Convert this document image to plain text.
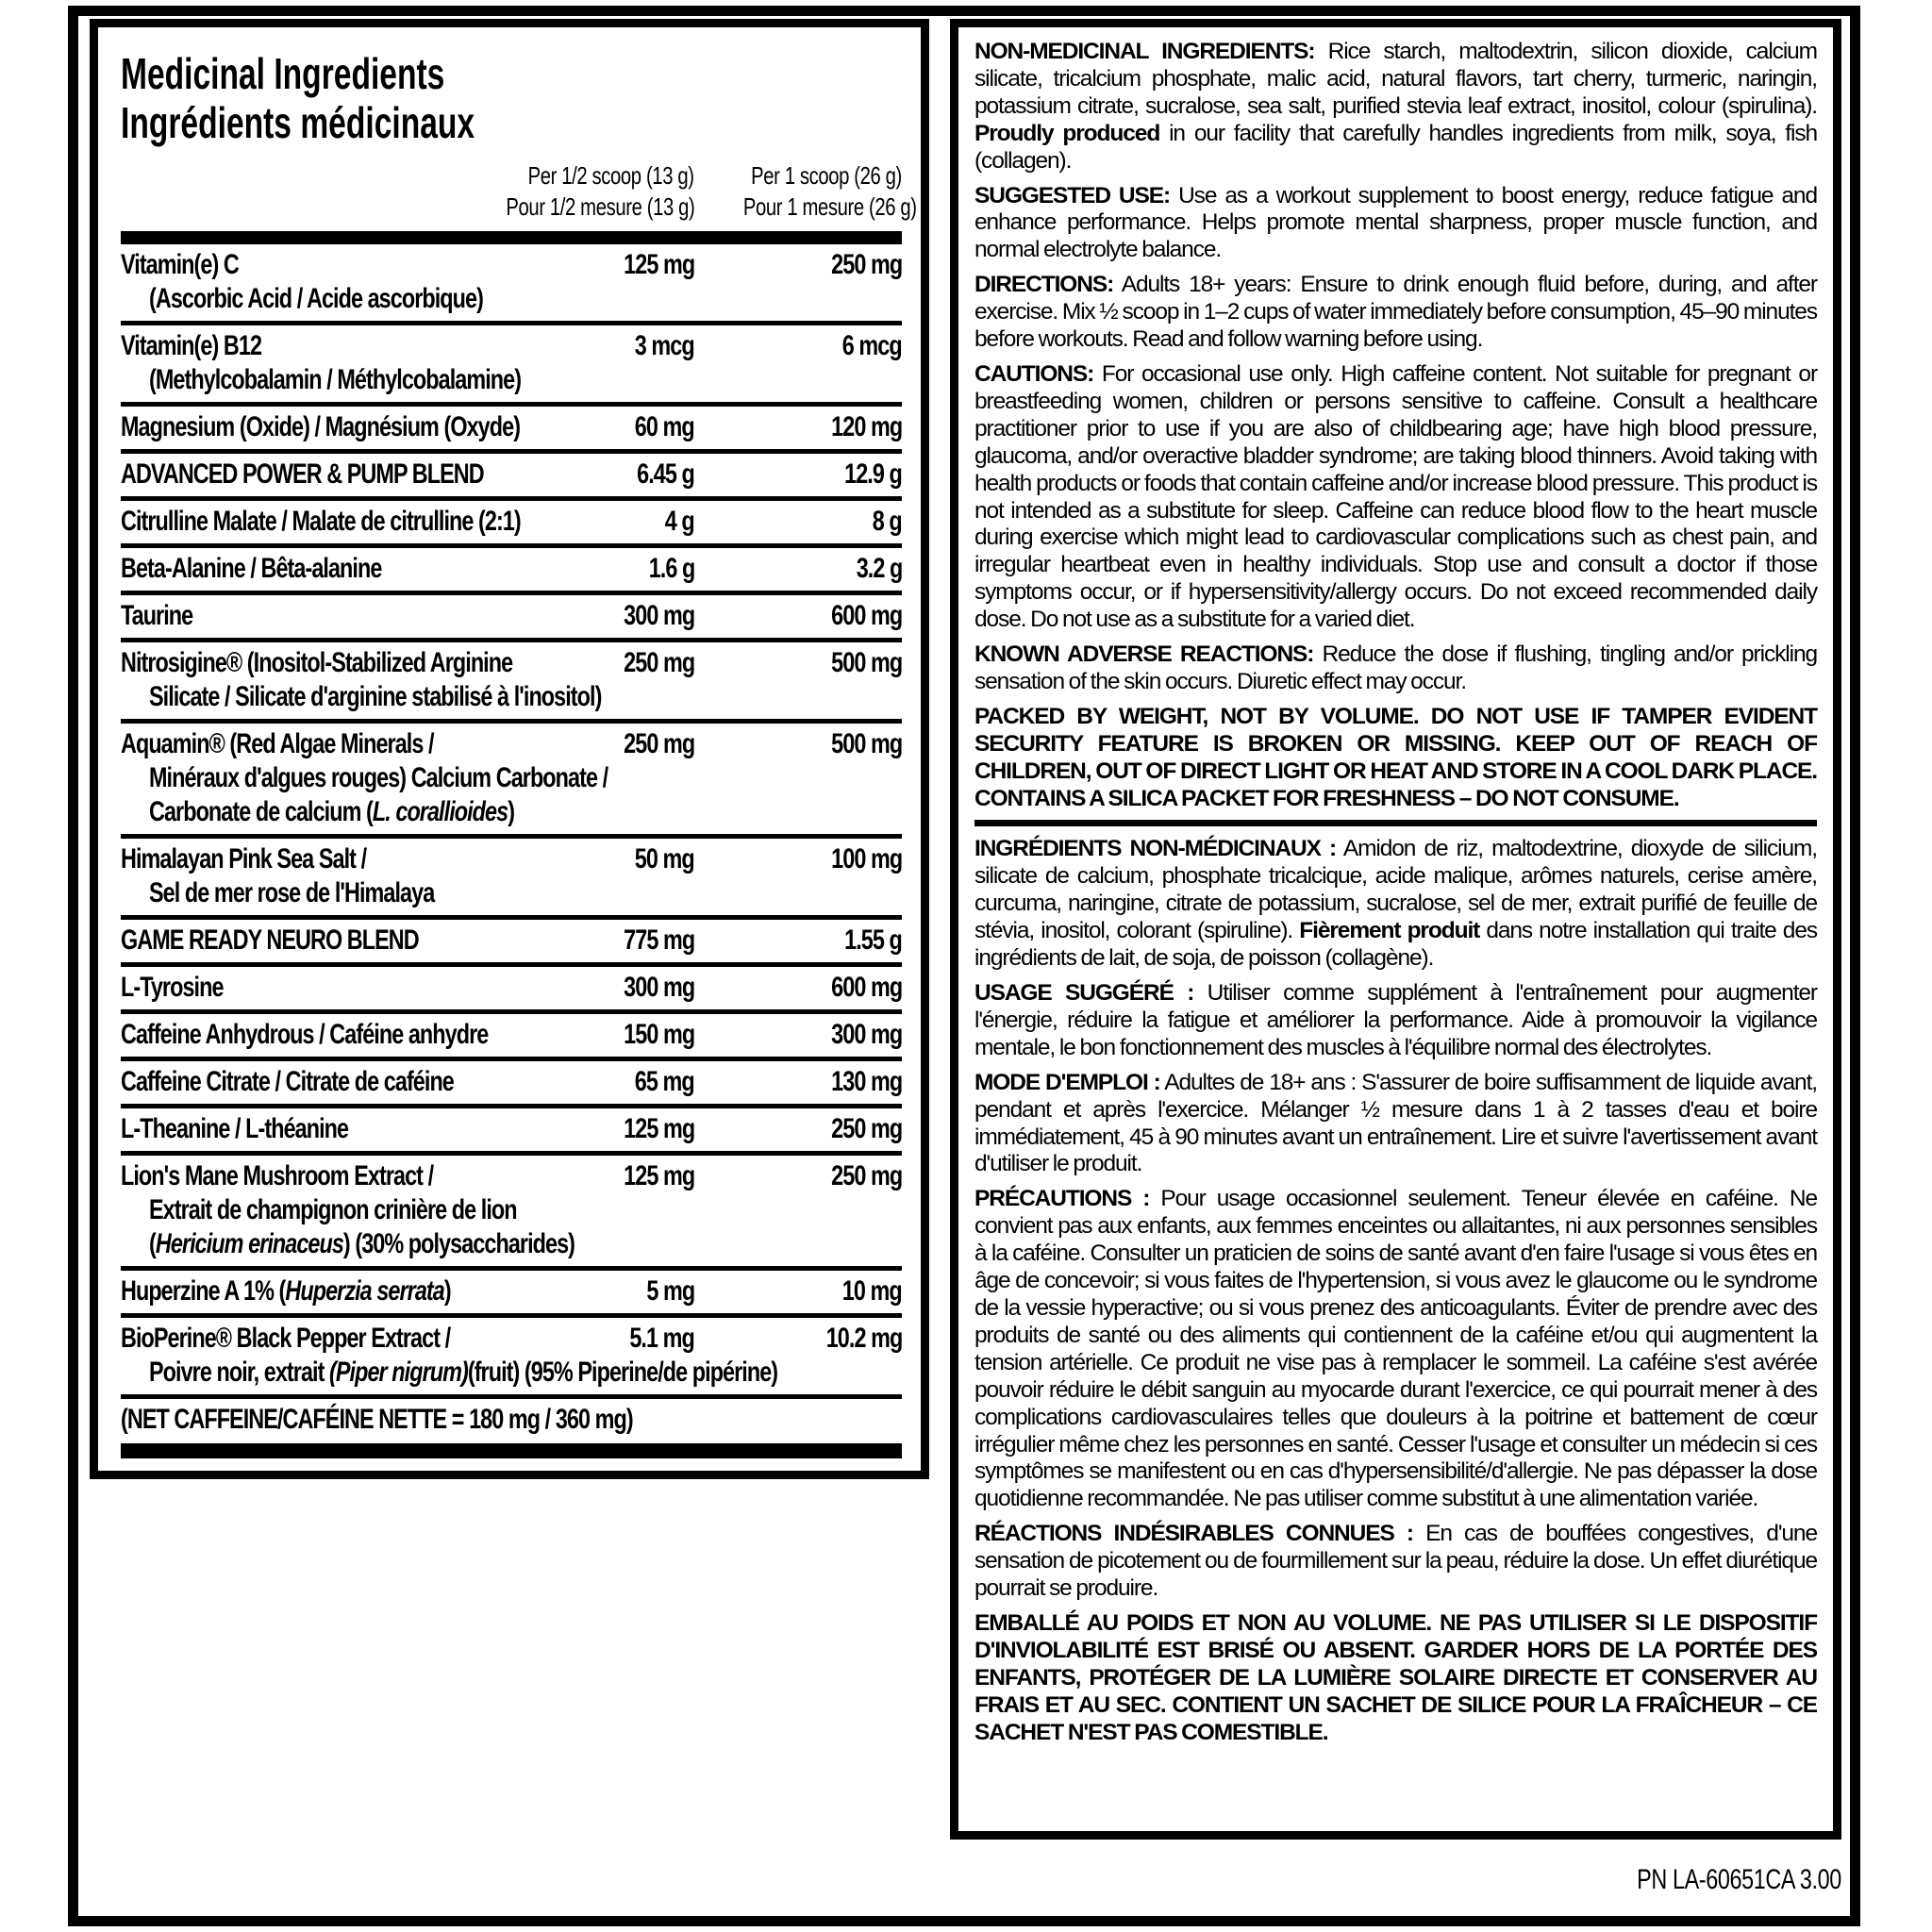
Medicinal Ingredients
Ingrédients médicinaux
Per 1/2 scoop (13 g)
Pour 1/2 mesure (13 g)
Per 1 scoop (26 g)
Pour 1 mesure (26 g)
Vitamin(e) C	125 mg	250 mg
(Ascorbic Acid / Acide ascorbique)
Vitamin(e) B12	3 mcg	6 mcg
(Methylcobalamin / Méthylcobalamine)
Magnesium (Oxide) / Magnésium (Oxyde)	60 mg	120 mg
ADVANCED POWER & PUMP BLEND	6.45 g	12.9 g
Citrulline Malate / Malate de citrulline (2:1)	4 g	8 g
Beta-Alanine / Bêta-alanine	1.6 g	3.2 g
Taurine	300 mg	600 mg
Nitrosigine® (Inositol-Stabilized Arginine	250 mg	500 mg
Silicate / Silicate d'arginine stabilisé à l'inositol)
Aquamin® (Red Algae Minerals /	250 mg	500 mg
Minéraux d'algues rouges) Calcium Carbonate /
Carbonate de calcium (L. corallioides)
Himalayan Pink Sea Salt /	50 mg	100 mg
Sel de mer rose de l'Himalaya
GAME READY NEURO BLEND	775 mg	1.55 g
L-Tyrosine	300 mg	600 mg
Caffeine Anhydrous / Caféine anhydre	150 mg	300 mg
Caffeine Citrate / Citrate de caféine	65 mg	130 mg
L-Theanine / L-théanine	125 mg	250 mg
Lion's Mane Mushroom Extract /	125 mg	250 mg
Extrait de champignon crinière de lion
(Hericium erinaceus) (30% polysaccharides)
Huperzine A 1% (Huperzia serrata)	5 mg	10 mg
BioPerine® Black Pepper Extract /	5.1 mg	10.2 mg
Poivre noir, extrait (Piper nigrum)(fruit) (95% Piperine/de pipérine)
(NET CAFFEINE/CAFÉINE NETTE = 180 mg / 360 mg)
NON-MEDICINAL INGREDIENTS: Rice starch, maltodextrin, silicon dioxide, calcium silicate, tricalcium phosphate, malic acid, natural flavors, tart cherry, turmeric, naringin, potassium citrate, sucralose, sea salt, purified stevia leaf extract, inositol, colour (spirulina). Proudly produced in our facility that carefully handles ingredients from milk, soya, fish (collagen).
SUGGESTED USE: Use as a workout supplement to boost energy, reduce fatigue and enhance performance. Helps promote mental sharpness, proper muscle function, and normal electrolyte balance.
DIRECTIONS: Adults 18+ years: Ensure to drink enough fluid before, during, and after exercise. Mix ½ scoop in 1–2 cups of water immediately before consumption, 45–90 minutes before workouts. Read and follow warning before using.
CAUTIONS: For occasional use only. High caffeine content. Not suitable for pregnant or breastfeeding women, children or persons sensitive to caffeine. Consult a healthcare practitioner prior to use if you are also of childbearing age; have high blood pressure, glaucoma, and/or overactive bladder syndrome; are taking blood thinners. Avoid taking with health products or foods that contain caffeine and/or increase blood pressure. This product is not intended as a substitute for sleep. Caffeine can reduce blood flow to the heart muscle during exercise which might lead to cardiovascular complications such as chest pain, and irregular heartbeat even in healthy individuals. Stop use and consult a doctor if those symptoms occur, or if hypersensitivity/allergy occurs. Do not exceed recommended daily dose. Do not use as a substitute for a varied diet.
KNOWN ADVERSE REACTIONS: Reduce the dose if flushing, tingling and/or prickling sensation of the skin occurs. Diuretic effect may occur.
PACKED BY WEIGHT, NOT BY VOLUME. DO NOT USE IF TAMPER EVIDENT SECURITY FEATURE IS BROKEN OR MISSING. KEEP OUT OF REACH OF CHILDREN, OUT OF DIRECT LIGHT OR HEAT AND STORE IN A COOL DARK PLACE. CONTAINS A SILICA PACKET FOR FRESHNESS – DO NOT CONSUME.
INGRÉDIENTS NON-MÉDICINAUX : Amidon de riz, maltodextrine, dioxyde de silicium, silicate de calcium, phosphate tricalcique, acide malique, arômes naturels, cerise amère, curcuma, naringine, citrate de potassium, sucralose, sel de mer, extrait purifié de feuille de stévia, inositol, colorant (spiruline). Fièrement produit dans notre installation qui traite des ingrédients de lait, de soja, de poisson (collagène).
USAGE SUGGÉRÉ : Utiliser comme supplément à l'entraînement pour augmenter l'énergie, réduire la fatigue et améliorer la performance. Aide à promouvoir la vigilance mentale, le bon fonctionnement des muscles à l'équilibre normal des électrolytes.
MODE D'EMPLOI : Adultes de 18+ ans : S'assurer de boire suffisamment de liquide avant, pendant et après l'exercice. Mélanger ½ mesure dans 1 à 2 tasses d'eau et boire immédiatement, 45 à 90 minutes avant un entraînement. Lire et suivre l'avertissement avant d'utiliser le produit.
PRÉCAUTIONS : Pour usage occasionnel seulement. Teneur élevée en caféine. Ne convient pas aux enfants, aux femmes enceintes ou allaitantes, ni aux personnes sensibles à la caféine. Consulter un praticien de soins de santé avant d'en faire l'usage si vous êtes en âge de concevoir; si vous faites de l'hypertension, si vous avez le glaucome ou le syndrome de la vessie hyperactive; ou si vous prenez des anticoagulants. Éviter de prendre avec des produits de santé ou des aliments qui contiennent de la caféine et/ou qui augmentent la tension artérielle. Ce produit ne vise pas à remplacer le sommeil. La caféine s'est avérée pouvoir réduire le débit sanguin au myocarde durant l'exercice, ce qui pourrait mener à des complications cardiovasculaires telles que douleurs à la poitrine et battement de cœur irrégulier même chez les personnes en santé. Cesser l'usage et consulter un médecin si ces symptômes se manifestent ou en cas d'hypersensibilité/d'allergie. Ne pas dépasser la dose quotidienne recommandée. Ne pas utiliser comme substitut à une alimentation variée.
RÉACTIONS INDÉSIRABLES CONNUES : En cas de bouffées congestives, d'une sensation de picotement ou de fourmillement sur la peau, réduire la dose. Un effet diurétique pourrait se produire.
EMBALLÉ AU POIDS ET NON AU VOLUME. NE PAS UTILISER SI LE DISPOSITIF D'INVIOLABILITÉ EST BRISÉ OU ABSENT. GARDER HORS DE LA PORTÉE DES ENFANTS, PROTÉGER DE LA LUMIÈRE SOLAIRE DIRECTE ET CONSERVER AU FRAIS ET AU SEC. CONTIENT UN SACHET DE SILICE POUR LA FRAÎCHEUR – CE SACHET N'EST PAS COMESTIBLE.
PN LA-60651CA 3.00
